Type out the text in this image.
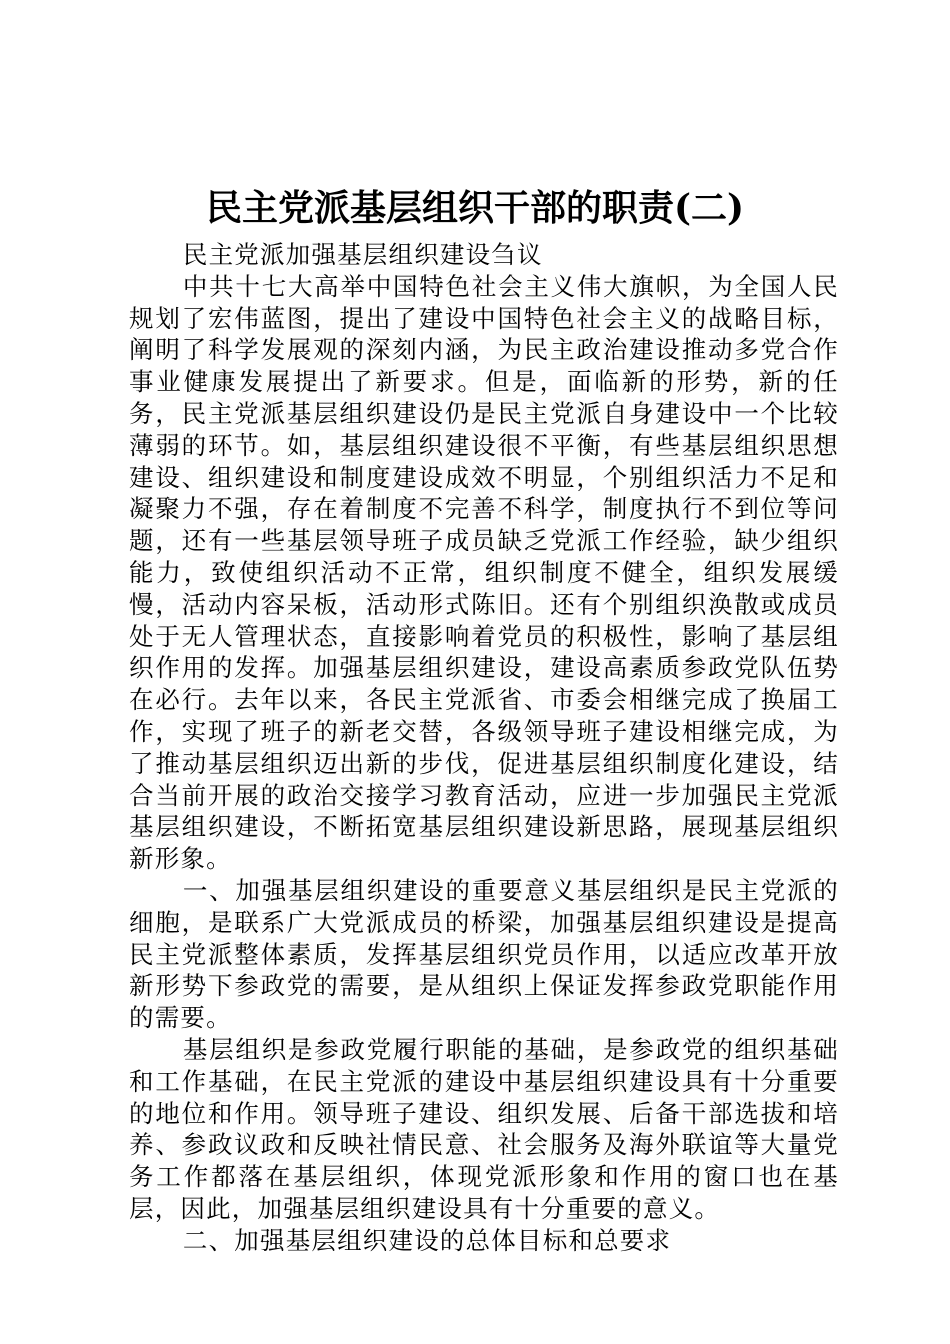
民主党派基层组织干部的职责(二)

民主党派加强基层组织建设刍议

中共十七大高举中国特色社会主义伟大旗帜，为全国人民规划了宏伟蓝图，提出了建设中国特色社会主义的战略目标，阐明了科学发展观的深刻内涵，为民主政治建设推动多党合作事业健康发展提出了新要求。但是，面临新的形势，新的任务，民主党派基层组织建设仍是民主党派自身建设中一个比较薄弱的环节。如，基层组织建设很不平衡，有些基层组织思想建设、组织建设和制度建设成效不明显，个别组织活力不足和凝聚力不强，存在着制度不完善不科学，制度执行不到位等问题，还有一些基层领导班子成员缺乏党派工作经验，缺少组织能力，致使组织活动不正常，组织制度不健全，组织发展缓慢，活动内容呆板，活动形式陈旧。还有个别组织涣散或成员处于无人管理状态，直接影响着党员的积极性，影响了基层组织作用的发挥。加强基层组织建设，建设高素质参政党队伍势在必行。去年以来，各民主党派省、市委会相继完成了换届工作，实现了班子的新老交替，各级领导班子建设相继完成，为了推动基层组织迈出新的步伐，促进基层组织制度化建设，结合当前开展的政治交接学习教育活动，应进一步加强民主党派基层组织建设，不断拓宽基层组织建设新思路，展现基层组织新形象。

一、加强基层组织建设的重要意义基层组织是民主党派的细胞，是联系广大党派成员的桥梁，加强基层组织建设是提高民主党派整体素质，发挥基层组织党员作用，以适应改革开放新形势下参政党的需要，是从组织上保证发挥参政党职能作用的需要。

基层组织是参政党履行职能的基础，是参政党的组织基础和工作基础，在民主党派的建设中基层组织建设具有十分重要的地位和作用。领导班子建设、组织发展、后备干部选拔和培养、参政议政和反映社情民意、社会服务及海外联谊等大量党务工作都落在基层组织，体现党派形象和作用的窗口也在基层，因此，加强基层组织建设具有十分重要的意义。

二、加强基层组织建设的总体目标和总要求
